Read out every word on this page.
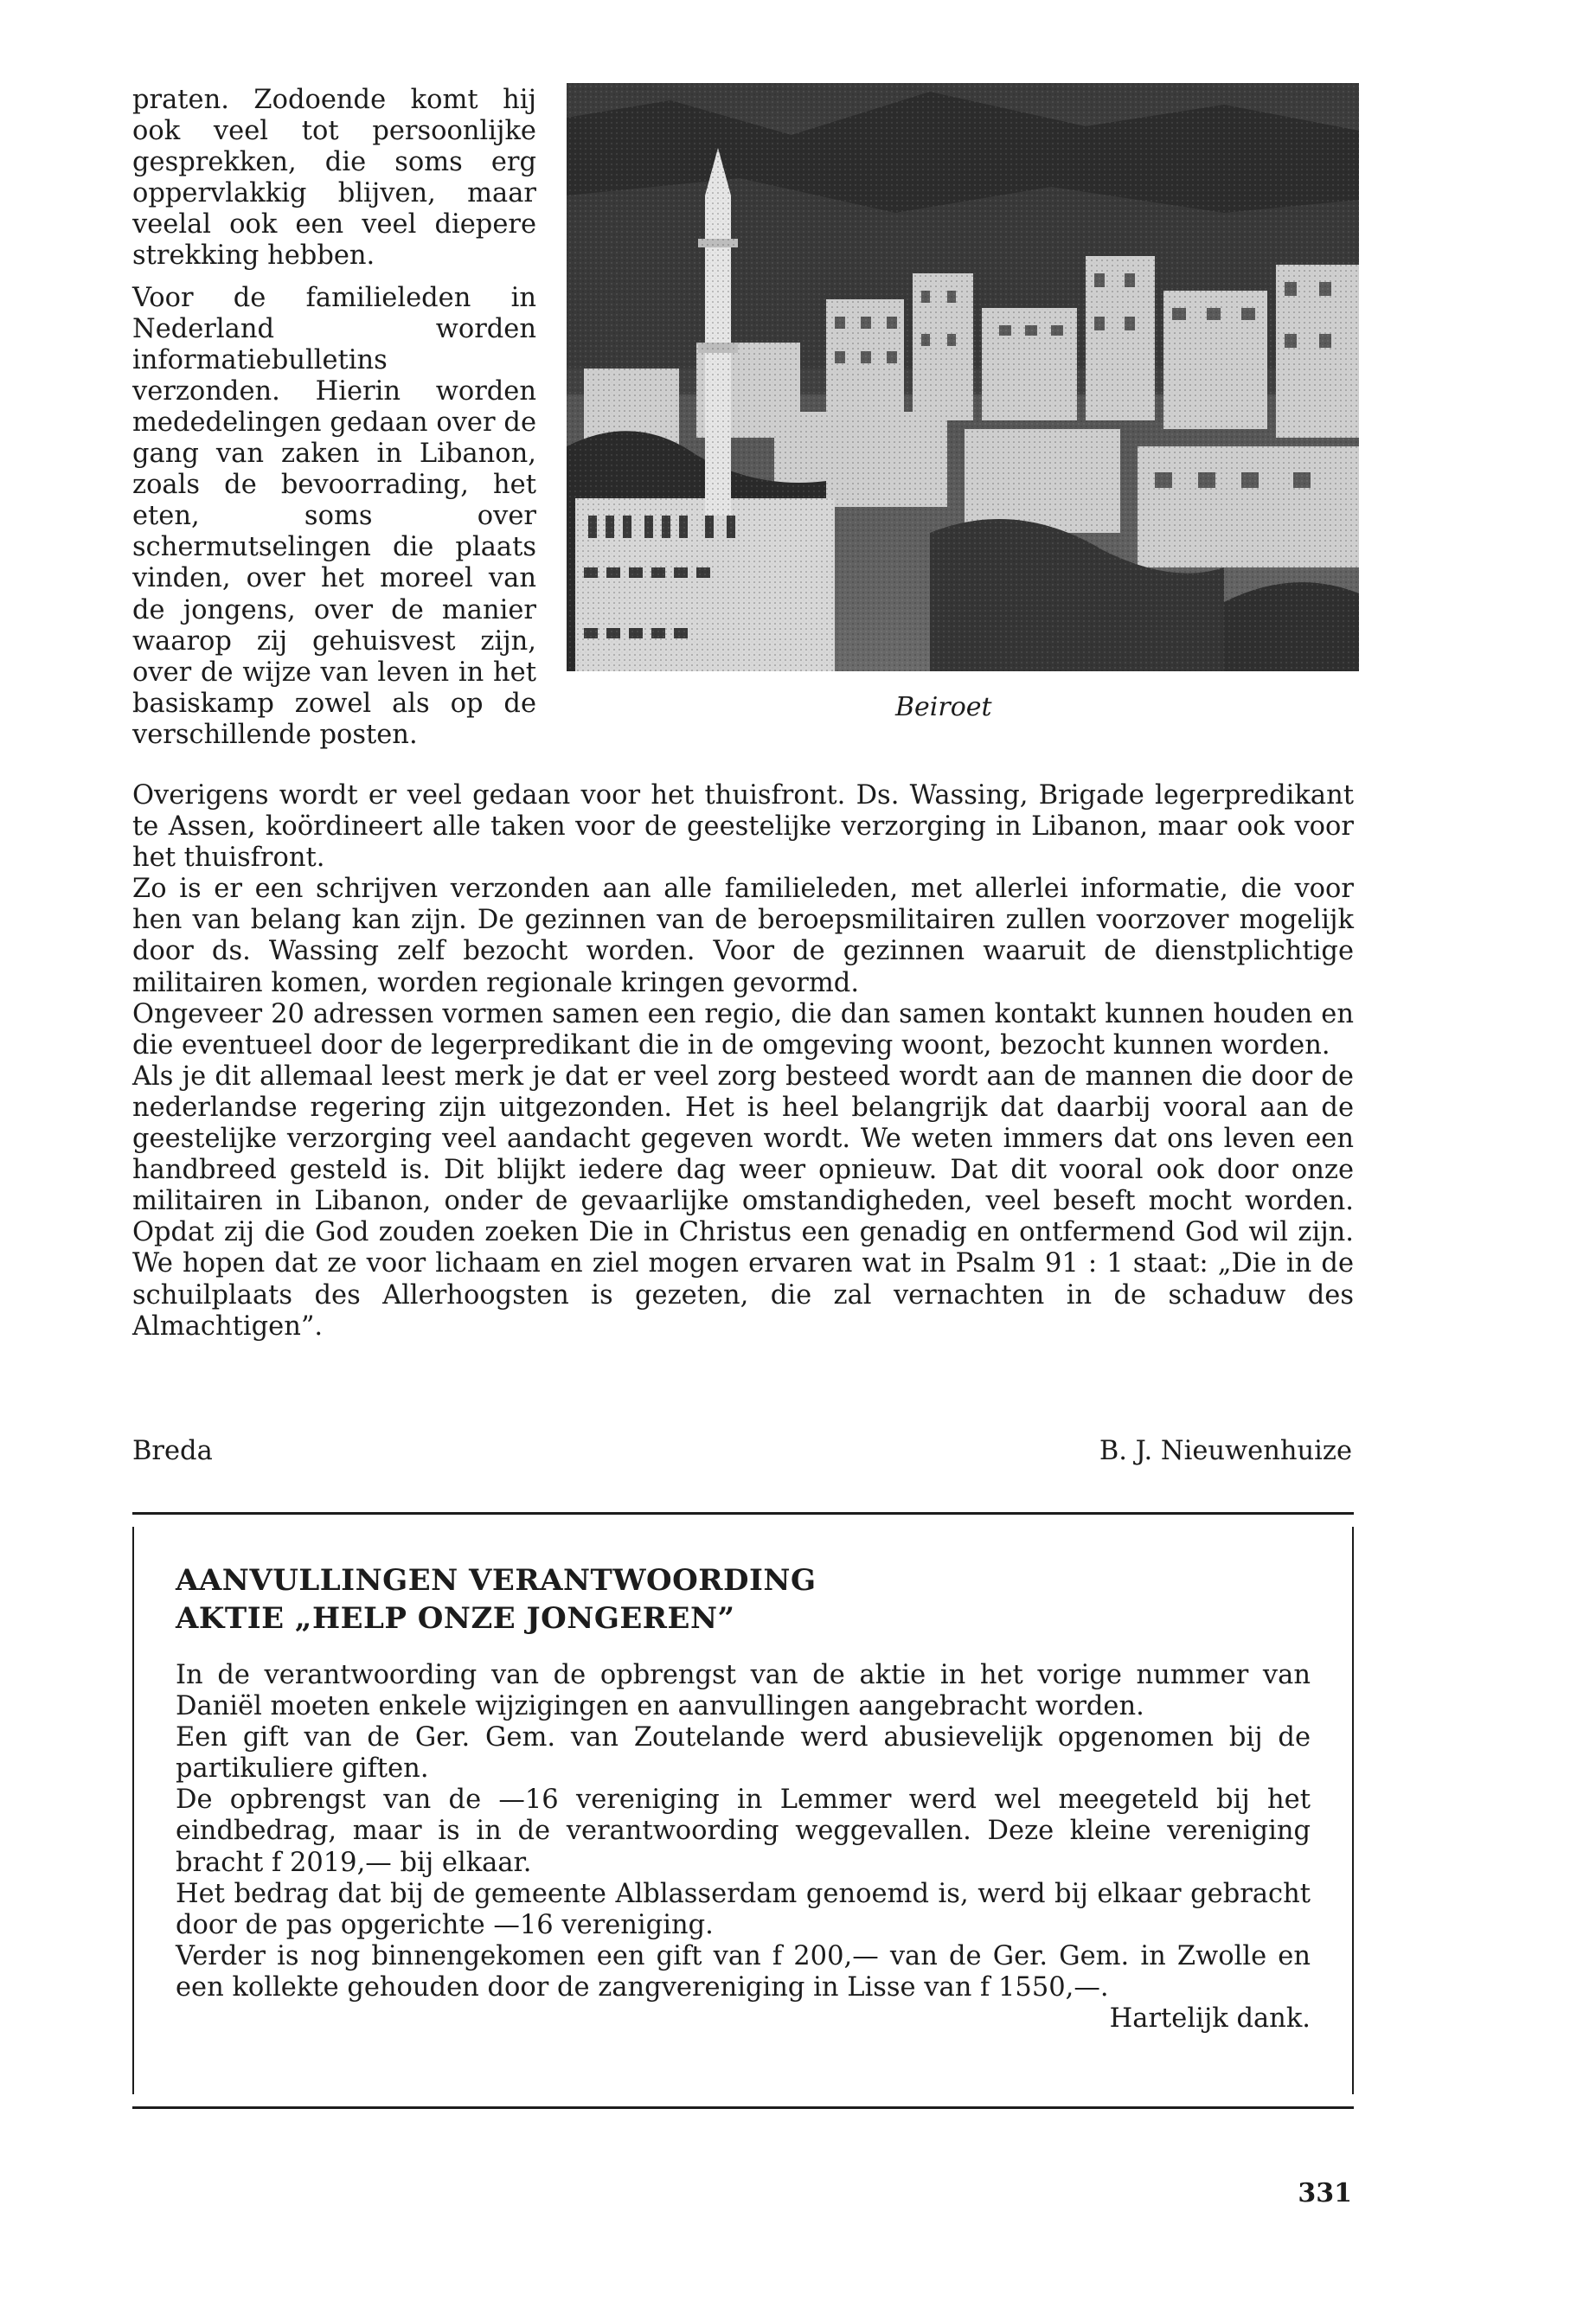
praten. Zodoende komt hij ook veel tot persoonlijke gesprekken, die soms erg oppervlakkig blijven, maar veelal ook een veel diepere strekking hebben.

Voor de familieleden in Nederland worden informatiebulletins verzonden. Hierin worden mededelingen gedaan over de gang van zaken in Libanon, zoals de bevoorrading, het eten, soms over schermutselingen die plaats vinden, over het moreel van de jongens, over de manier waarop zij gehuisvest zijn, over de wijze van leven in het basiskamp zowel als op de verschillende posten.

Beiroet

Overigens wordt er veel gedaan voor het thuisfront. Ds. Wassing, Brigade legerpredikant te Assen, koördineert alle taken voor de geestelijke verzorging in Libanon, maar ook voor het thuisfront.

Zo is er een schrijven verzonden aan alle familieleden, met allerlei informatie, die voor hen van belang kan zijn. De gezinnen van de beroepsmilitairen zullen voorzover mogelijk door ds. Wassing zelf bezocht worden. Voor de gezinnen waaruit de dienstplichtige militairen komen, worden regionale kringen gevormd.

Ongeveer 20 adressen vormen samen een regio, die dan samen kontakt kunnen houden en die eventueel door de legerpredikant die in de omgeving woont, bezocht kunnen worden.

Als je dit allemaal leest merk je dat er veel zorg besteed wordt aan de mannen die door de nederlandse regering zijn uitgezonden. Het is heel belangrijk dat daarbij vooral aan de geestelijke verzorging veel aandacht gegeven wordt. We weten immers dat ons leven een handbreed gesteld is. Dit blijkt iedere dag weer opnieuw. Dat dit vooral ook door onze militairen in Libanon, onder de gevaarlijke omstandigheden, veel beseft mocht worden. Opdat zij die God zouden zoeken Die in Christus een genadig en ontfermend God wil zijn. We hopen dat ze voor lichaam en ziel mogen ervaren wat in Psalm 91 : 1 staat: „Die in de schuilplaats des Allerhoogsten is gezeten, die zal vernachten in de schaduw des Almachtigen”.

Breda	B. J. Nieuwenhuize
AANVULLINGEN VERANTWOORDING
AKTIE „HELP ONZE JONGEREN”

In de verantwoording van de opbrengst van de aktie in het vorige nummer van Daniël moeten enkele wijzigingen en aanvullingen aangebracht worden.

Een gift van de Ger. Gem. van Zoutelande werd abusievelijk opgenomen bij de partikuliere giften.

De opbrengst van de —16 vereniging in Lemmer werd wel meegeteld bij het eindbedrag, maar is in de verantwoording weggevallen. Deze kleine vereniging bracht f 2019,— bij elkaar.

Het bedrag dat bij de gemeente Alblasserdam genoemd is, werd bij elkaar gebracht door de pas opgerichte —16 vereniging.

Verder is nog binnengekomen een gift van f 200,— van de Ger. Gem. in Zwolle en een kollekte gehouden door de zangvereniging in Lisse van f 1550,—.

Hartelijk dank.

331
